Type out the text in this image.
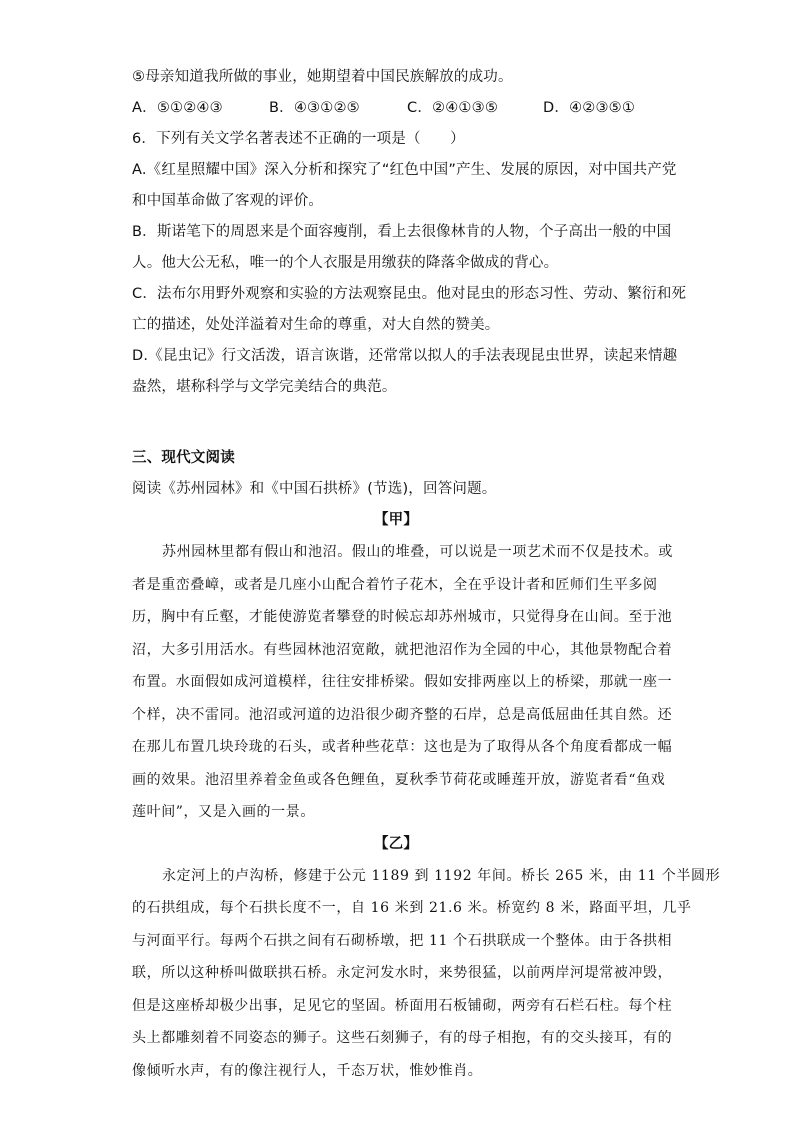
⑤母亲知道我所做的事业，她期望着中国民族解放的成功。
A．⑤①②④③	B．④③①②⑤	C．②④①③⑤	D．④②③⑤①
6．下列有关文学名著表述不正确的一项是（　　）
A.《红星照耀中国》深入分析和探究了“红色中国”产生、发展的原因，对中国共产党
和中国革命做了客观的评价。
B．斯诺笔下的周恩来是个面容瘦削，看上去很像林肯的人物，个子高出一般的中国
人。他大公无私，唯一的个人衣服是用缴获的降落伞做成的背心。
C．法布尔用野外观察和实验的方法观察昆虫。他对昆虫的形态习性、劳动、繁衍和死
亡的描述，处处洋溢着对生命的尊重，对大自然的赞美。
D.《昆虫记》行文活泼，语言诙谐，还常常以拟人的手法表现昆虫世界，读起来情趣
盎然，堪称科学与文学完美结合的典范。
三、现代文阅读
阅读《苏州园林》和《中国石拱桥》(节选)，回答问题。
【甲】
苏州园林里都有假山和池沼。假山的堆叠，可以说是一项艺术而不仅是技术。或
者是重峦叠嶂，或者是几座小山配合着竹子花木，全在乎设计者和匠师们生平多阅
历，胸中有丘壑，才能使游览者攀登的时候忘却苏州城市，只觉得身在山间。至于池
沼，大多引用活水。有些园林池沼宽敞，就把池沼作为全园的中心，其他景物配合着
布置。水面假如成河道模样，往往安排桥梁。假如安排两座以上的桥梁，那就一座一
个样，决不雷同。池沼或河道的边沿很少砌齐整的石岸，总是高低屈曲任其自然。还
在那儿布置几块玲珑的石头，或者种些花草：这也是为了取得从各个角度看都成一幅
画的效果。池沼里养着金鱼或各色鲤鱼，夏秋季节荷花或睡莲开放，游览者看“鱼戏
莲叶间”，又是入画的一景。
【乙】
永定河上的卢沟桥，修建于公元 1189 到 1192 年间。桥长 265 米，由 11 个半圆形
的石拱组成，每个石拱长度不一，自 16 米到 21.6 米。桥宽约 8 米，路面平坦，几乎
与河面平行。每两个石拱之间有石砌桥墩，把 11 个石拱联成一个整体。由于各拱相
联，所以这种桥叫做联拱石桥。永定河发水时，来势很猛，以前两岸河堤常被冲毁，
但是这座桥却极少出事，足见它的坚固。桥面用石板铺砌，两旁有石栏石柱。每个柱
头上都雕刻着不同姿态的狮子。这些石刻狮子，有的母子相抱，有的交头接耳，有的
像倾听水声，有的像注视行人，千态万状，惟妙惟肖。
